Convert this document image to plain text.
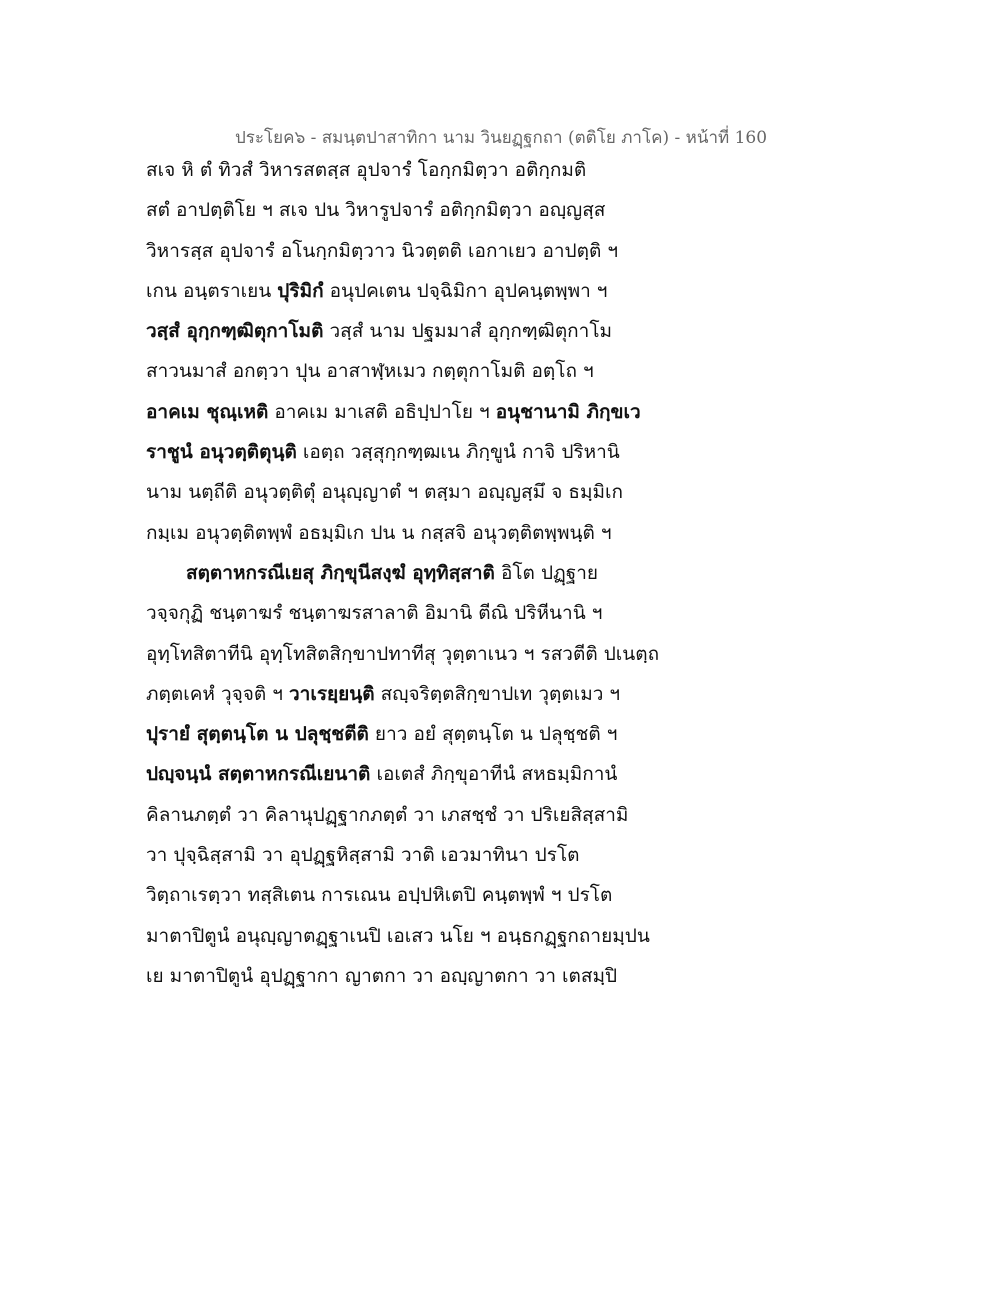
ประโยค๖ - สมนฺตปาสาทิกา นาม วินยฏฺฐกถา (ตติโย ภาโค) - หน้าที่ 160
สเจ หิ ตํ ทิวสํ วิหารสตสฺส อุปจารํ โอกฺกมิตฺวา อติกฺกมติ
สตํ อาปตฺติโย ฯ สเจ ปน วิหารูปจารํ อติกฺกมิตฺวา อญฺญสฺส
วิหารสฺส อุปจารํ อโนกฺกมิตฺวาว นิวตฺตติ เอกาเยว อาปตฺติ ฯ
เกน อนฺตราเยน ปุริมิกํ อนุปคเตน ปจฺฉิมิกา อุปคนฺตพฺพา ฯ
วสฺสํ อุกฺกฑฺฒิตุกาโมติ วสฺสํ นาม ปฐมมาสํ อุกฺกฑฺฒิตุกาโม
สาวนมาสํ อกตฺวา ปุน อาสาฬฺหเมว กตฺตุกาโมติ อตฺโถ ฯ
อาคเม ชุณฺเหติ อาคเม มาเสติ อธิปฺปาโย ฯ อนุชานามิ ภิกฺขเว
ราชูนํ อนุวตฺติตุนฺติ เอตฺถ วสฺสุกฺกฑฺฒเน ภิกฺขูนํ กาจิ ปริหานิ
นาม นตฺถีติ อนุวตฺติตุํ อนุญฺญาตํ ฯ ตสฺมา อญฺญสฺมึ จ ธมฺมิเก
กมฺเม อนุวตฺติตพฺพํ อธมฺมิเก ปน น กสฺสจิ อนุวตฺติตพฺพนฺติ ฯ
สตฺตาหกรณีเยสุ ภิกฺขุนีสงฺฆํ อุทฺทิสฺสาติ อิโต ปฏฺฐาย
วจฺจกุฏิ ชนฺตาฆรํ ชนฺตาฆรสาลาติ อิมานิ ตีณิ ปริหีนานิ ฯ
อุทฺโทสิตาทีนิ อุทฺโทสิตสิกฺขาปทาทีสุ วุตฺตาเนว ฯ รสวตีติ ปเนตฺถ
ภตฺตเคหํ วุจฺจติ ฯ วาเรยฺยนฺติ สญฺจริตฺตสิกฺขาปเท วุตฺตเมว ฯ
ปุรายํ สุตฺตนฺโต น ปลุชฺชตีติ ยาว อยํ สุตฺตนฺโต น ปลุชฺชติ ฯ
ปญฺจนฺนํ สตฺตาหกรณีเยนาติ เอเตสํ ภิกฺขุอาทีนํ สหธมฺมิกานํ
คิลานภตฺตํ วา คิลานุปฏฺฐากภตฺตํ วา เภสชฺชํ วา ปริเยสิสฺสามิ
วา ปุจฺฉิสฺสามิ วา อุปฏฺฐหิสฺสามิ วาติ เอวมาทินา ปรโต
วิตฺถาเรตฺวา ทสฺสิเตน การเณน อปฺปหิเตปิ คนฺตพฺพํ ฯ ปรโต
มาตาปิตูนํ อนุญฺญาตฏฺฐาเนปิ เอเสว นโย ฯ อนฺธกฏฺฐกถายมฺปน
เย มาตาปิตูนํ อุปฏฺฐากา ญาตกา วา อญฺญาตกา วา เตสมฺปิ
